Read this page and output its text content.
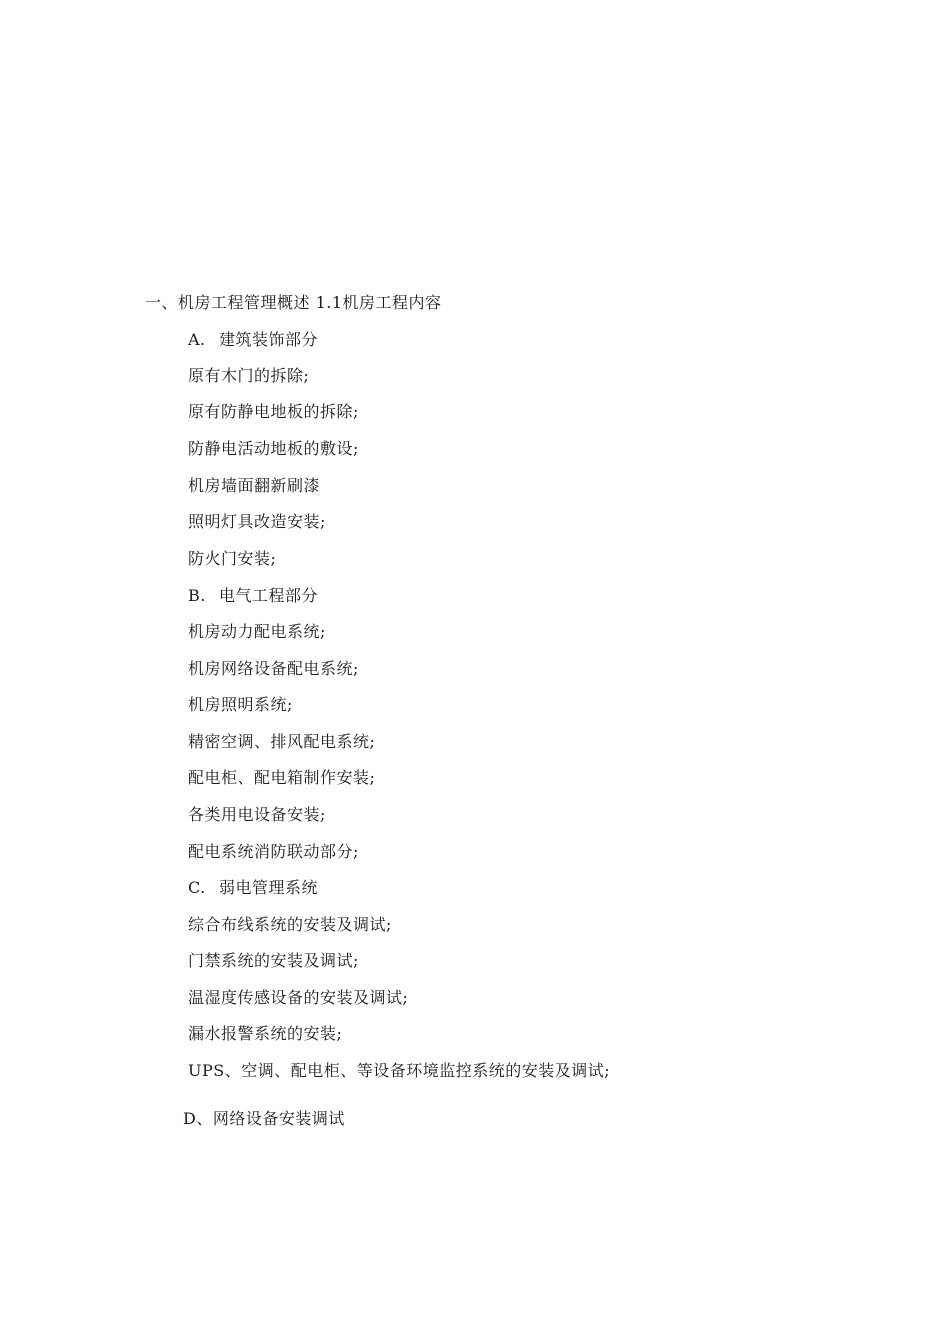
一、机房工程管理概述 1.1机房工程内容
A. 建筑装饰部分
原有木门的拆除;
原有防静电地板的拆除;
防静电活动地板的敷设;
机房墙面翻新刷漆
照明灯具改造安装;
防火门安装;
B. 电气工程部分
机房动力配电系统;
机房网络设备配电系统;
机房照明系统;
精密空调、排风配电系统;
配电柜、配电箱制作安装;
各类用电设备安装;
配电系统消防联动部分;
C. 弱电管理系统
综合布线系统的安装及调试;
门禁系统的安装及调试;
温湿度传感设备的安装及调试;
漏水报警系统的安装;
UPS、空调、配电柜、等设备环境监控系统的安装及调试;
D、网络设备安装调试
